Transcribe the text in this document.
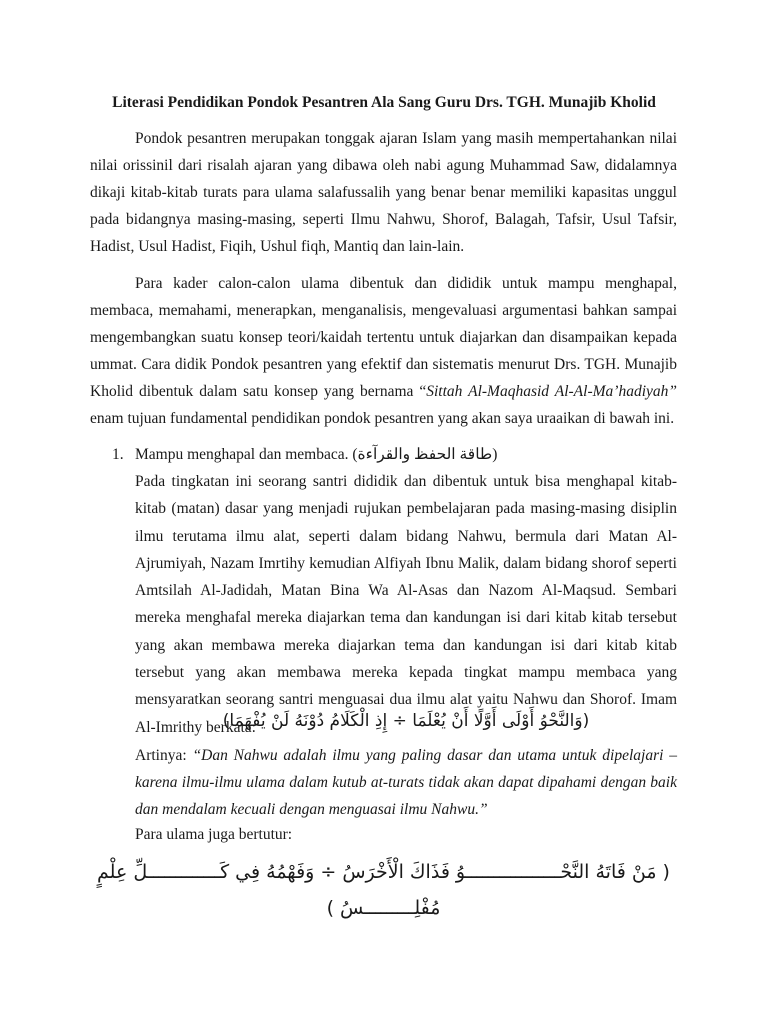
Literasi Pendidikan Pondok Pesantren Ala Sang Guru Drs. TGH. Munajib Kholid

Pondok pesantren merupakan tonggak ajaran Islam yang masih mempertahankan nilai nilai orissinil dari risalah ajaran yang dibawa oleh nabi agung Muhammad Saw, didalamnya dikaji kitab-kitab turats para ulama salafussalih yang benar benar memiliki kapasitas unggul pada bidangnya masing-masing, seperti Ilmu Nahwu, Shorof, Balagah, Tafsir, Usul Tafsir, Hadist, Usul Hadist, Fiqih, Ushul fiqh, Mantiq dan lain-lain.

Para kader calon-calon ulama dibentuk dan dididik untuk mampu menghapal, membaca, memahami, menerapkan, menganalisis, mengevaluasi argumentasi bahkan sampai mengembangkan suatu konsep teori/kaidah tertentu untuk diajarkan dan disampaikan kepada ummat. Cara didik Pondok pesantren yang efektif dan sistematis menurut Drs. TGH. Munajib Kholid dibentuk dalam satu konsep yang bernama “Sittah Al-Maqhasid Al-Al-Ma’hadiyah” enam tujuan fundamental pendidikan pondok pesantren yang akan saya uraaikan di bawah ini.

1. Mampu menghapal dan membaca. (طاقة الحفظ والقرآءة)

Pada tingkatan ini seorang santri dididik dan dibentuk untuk bisa menghapal kitab-kitab (matan) dasar yang menjadi rujukan pembelajaran pada masing-masing disiplin ilmu terutama ilmu alat, seperti dalam bidang Nahwu, bermula dari Matan Al-Ajrumiyah, Nazam Imrtihy kemudian Alfiyah Ibnu Malik, dalam bidang shorof seperti Amtsilah Al-Jadidah, Matan Bina Wa Al-Asas dan Nazom Al-Maqsud. Sembari mereka menghafal mereka diajarkan tema dan kandungan isi dari kitab kitab tersebut yang akan membawa mereka diajarkan tema dan kandungan isi dari kitab kitab tersebut yang akan membawa mereka kepada tingkat mampu membaca yang mensyaratkan seorang santri menguasai dua ilmu alat yaitu Nahwu dan Shorof. Imam Al-Imrithy berkata:

(وَالنَّحْوُ أَوْلَى أَوَّلًا أَنْ يُعْلَمَا ÷ إِذِ الْكَلَامُ دُوْنَهُ لَنْ يُفْهَمَا)

Artinya: “Dan Nahwu adalah ilmu yang paling dasar dan utama untuk dipelajari – karena ilmu-ilmu ulama dalam kutub at-turats tidak akan dapat dipahami dengan baik dan mendalam kecuali dengan menguasai ilmu Nahwu.”

Para ulama juga bertutur:
( مَنْ فَاتَهُ النَّحْـــــــــــــــــوُ فَذَاكَ الْأَخْرَسُ ÷ وَفَهْمُهُ فِي كَـــــــــــــلِّ عِلْمٍ
مُفْلِـــــــــسُ )
